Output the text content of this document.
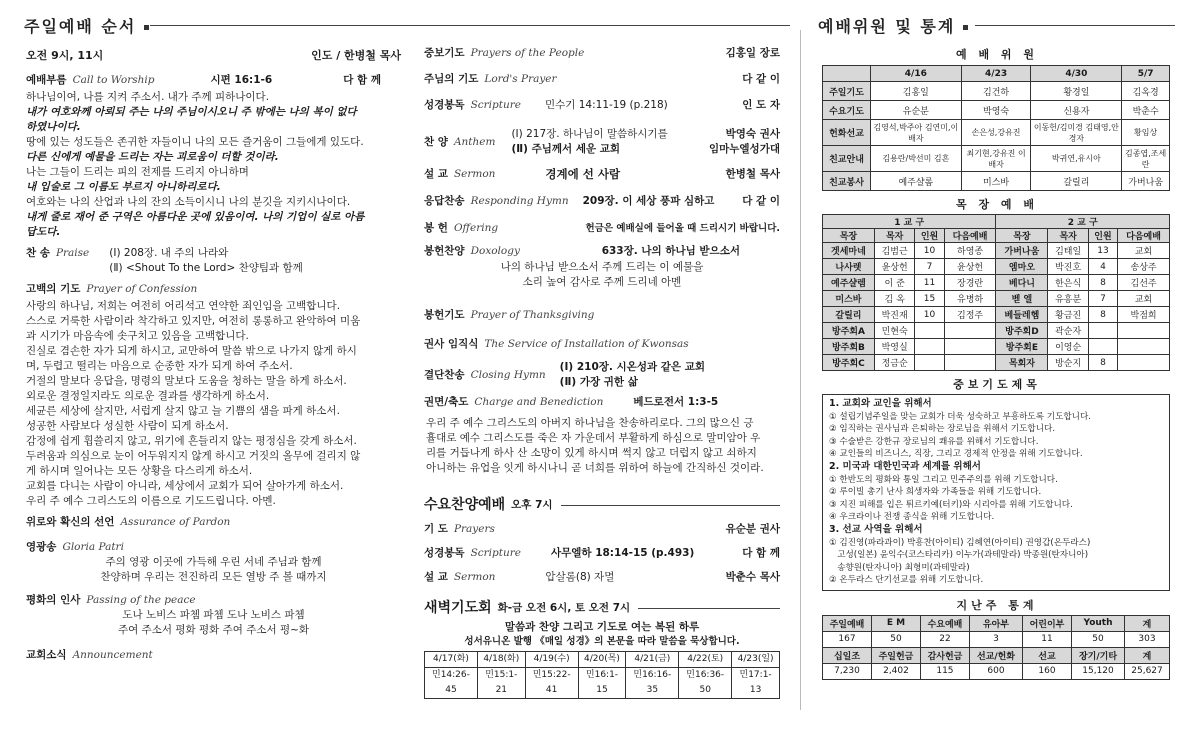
주일예배 순서
오전 9시, 11시	인도 / 한병철 목사
예배부름 Call to Worship	시편 16:1-6	다 함 께
하나님이여, 나를 지켜 주소서. 내가 주께 피하나이다.
내가 여호와께 아뢰되 주는 나의 주님이시오니 주 밖에는 나의 복이 없다
하였나이다.
땅에 있는 성도들은 존귀한 자들이니 나의 모든 즐거움이 그들에게 있도다.
다른 신에게 예물을 드리는 자는 괴로움이 더할 것이라.
나는 그들이 드리는 피의 전제를 드리지 아니하며
내 입술로 그 이름도 부르지 아니하리로다.
여호와는 나의 산업과 나의 잔의 소득이시니 나의 분깃을 지키시나이다.
내게 줄로 재어 준 구역은 아름다운 곳에 있음이여. 나의 기업이 실로 아름
답도다.
찬 송 Praise (Ⅰ) 208장. 내 주의 나라와
(Ⅱ) <Shout To the Lord> 찬양팀과 함께
고백의 기도 Prayer of Confession
사랑의 하나님, 저희는 여전히 어리석고 연약한 죄인임을 고백합니다.
스스로 거룩한 사람이라 착각하고 있지만, 여전히 롱롱하고 완악하여 미움
과 시기가 마음속에 솟구치고 있음을 고백합니다.
진실로 겸손한 자가 되게 하시고, 교만하여 말씀 밖으로 나가지 않게 하시
며, 두렵고 떨리는 마음으로 순종한 자가 되게 하여 주소서.
거절의 말보다 응답을, 명령의 말보다 도움을 청하는 말을 하게 하소서.
외로운 결정일지라도 의로운 결과를 생각하게 하소서.
세균른 세상에 살지만, 서럽게 살지 않고 늘 기쁨의 샘을 파게 하소서.
성공한 사람보다 성실한 사람이 되게 하소서.
감정에 쉽게 휩쓸리지 않고, 위기에 흔들리지 않는 평정심을 갖게 하소서.
두려움과 의심으로 눈이 어두워지지 않게 하시고 거짓의 올무에 걸리지 않
게 하시며 일어나는 모든 상황을 다스리게 하소서.
교회를 다니는 사람이 아니라, 세상에서 교회가 되어 살아가게 하소서.
우리 주 예수 그리스도의 이름으로 기도드립니다. 아멘.
위로와 확신의 선언 Assurance of Pardon
영광송 Gloria Patri
주의 영광 이곳에 가득해 우린 서네 주님과 함께
찬양하며 우리는 전진하리 모든 열방 주 볼 때까지
평화의 인사 Passing of the peace
도나 노비스 파쳄 파쳄 도나 노비스 파쳄
주여 주소서 평화 평화 주여 주소서 평~화
교회소식 Announcement
중보기도 Prayers of the People	김홍일 장로
주님의 기도 Lord's Prayer	다 같 이
성경봉독 Scripture 민수기 14:11-19 (p.218)	인 도 자
찬 양 Anthem
(Ⅰ) 217장. 하나님이 말씀하시기를	박영숙 권사
(Ⅱ) 주님께서 세운 교회	임마누엘성가대
설 교 Sermon	경계에 선 사람	한병철 목사
응답찬송 Responding Hymn 209장. 이 세상 풍파 심하고	다 같 이
봉 헌 Offering	헌금은 예배실에 들어올 때 드리시기 바랍니다.
봉헌찬양 Doxology	633장. 나의 하나님 받으소서
나의 하나님 받으소서 주께 드리는 이 예물을
소리 높여 감사로 주께 드리네 아멘
봉헌기도 Prayer of Thanksgiving
권사 임직식 The Service of Installation of Kwonsas
결단찬송 Closing Hymn
(Ⅰ) 210장. 시온성과 같은 교회
(Ⅱ) 가장 귀한 삶
권면/축도 Charge and Benediction	베드로전서 1:3-5
우리 주 예수 그리스도의 아버지 하나님을 찬송하리로다. 그의 많으신 긍
휼대로 예수 그리스도를 죽은 자 가운데서 부활하게 하심으로 말미암아 우
리를 거듭나게 하사 산 소망이 있게 하시며 썩지 않고 더럽지 않고 쇠하지
아니하는 유업을 잇게 하시나니 곧 너희를 위하여 하늘에 간직하신 것이라.
수요찬양예배 오후 7시
기 도 Prayers	유순분 권사
성경봉독 Scripture	사무엘하 18:14-15 (p.493)	다 함 께
설 교 Sermon	압살롬(8) 자멸	박춘수 목사
새벽기도회 화-금 오전 6시, 토 오전 7시
말씀과 찬양 그리고 기도로 여는 복된 하루
성서유니온 발행 《매일 성경》의 본문을 따라 말씀을 묵상합니다.
4/17(화)	4/18(화)	4/19(수)	4/20(목)	4/21(금)	4/22(토)	4/23(일)
민14:26-45	민15:1-21	민15:22-41	민16:1-15	민16:16-35	민16:36-50	민17:1-13
예배위원 및 통계
예 배 위 원
	4/16	4/23	4/30	5/7
주일기도	김홍일	김건하	황경일	김옥경
수요기도	유순분	박영숙	신용자	박춘수
헌화선교	김영석,박주아 김연미,이배자	손은성,강유진	이동헌/김미경 김태영,안경자	황임상
친교안내	김용란/박선미 김흔	최기현,강유진 이배자	박귀연,유시아	김종엽,조세란
친교봉사	예주샬롬	미스바	갈릴리	가버나움
목 장 예 배
1 교 구				2 교 구			
목장	목자	인원	다음예배	목장	목자	인원	다음예배
겟세마네	김범근	10	하영종	가버나움	김태일	13	교회
나사렛	윤상헌	7	윤상헌	엠마오	박진호	4	송상주
예주샬렘	이 준	11	장경란	베다니	한은식	8	김선주
미스바	김 옥	15	유병하	벧 엘	유흥분	7	교회
갈릴리	박진재	10	김정주	베들레헴	황금진	8	박점희
방주회A	민현숙			방주회D	곽순자		
방주회B	박영실			방주회E	이영순		
방주회C	정금순			목회자	방순지	8	
중보기도제목
1. 교회와 교인을 위해서
① 설립기념주일을 맞는 교회가 더욱 성숙하고 부흥하도록 기도합니다.
② 임직하는 권사님과 은퇴하는 장로님을 위해서 기도합니다.
③ 수술받은 강한규 장로님의 쾌유를 위해서 기도합니다.
④ 교인들의 비즈니스, 직장, 그리고 경제적 안정을 위해 기도합니다.
2. 미국과 대한민국과 세계를 위해서
① 한반도의 평화와 통일 그리고 민주주의를 위해 기도합니다.
② 루이빌 총기 난사 희생자와 가족들을 위해 기도합니다.
③ 지진 피해를 입은 튀르키예(터키)와 시리아를 위해 기도합니다.
④ 우크라이나 전쟁 종식을 위해 기도합니다.
3. 선교 사역을 위해서
① 김진영(파라과이) 박흥찬(아이티) 김혜연(아이티) 권영갑(온두라스)
고성(일본) 윤익수(코스타리카) 이누가(과테말라) 박종원(탄자니아)
송향원(탄자니아) 최형미(과테말라)
② 온두라스 단기선교를 위해 기도합니다.
지난주 통계
주일예배	E M	수요예배	유아부	어린이부	Youth	계
167	50	22	3	11	50	303
십일조	주일헌금	감사헌금	선교/헌화	선교	장기/기타	계
7,230	2,402	115	600	160	15,120	25,627
